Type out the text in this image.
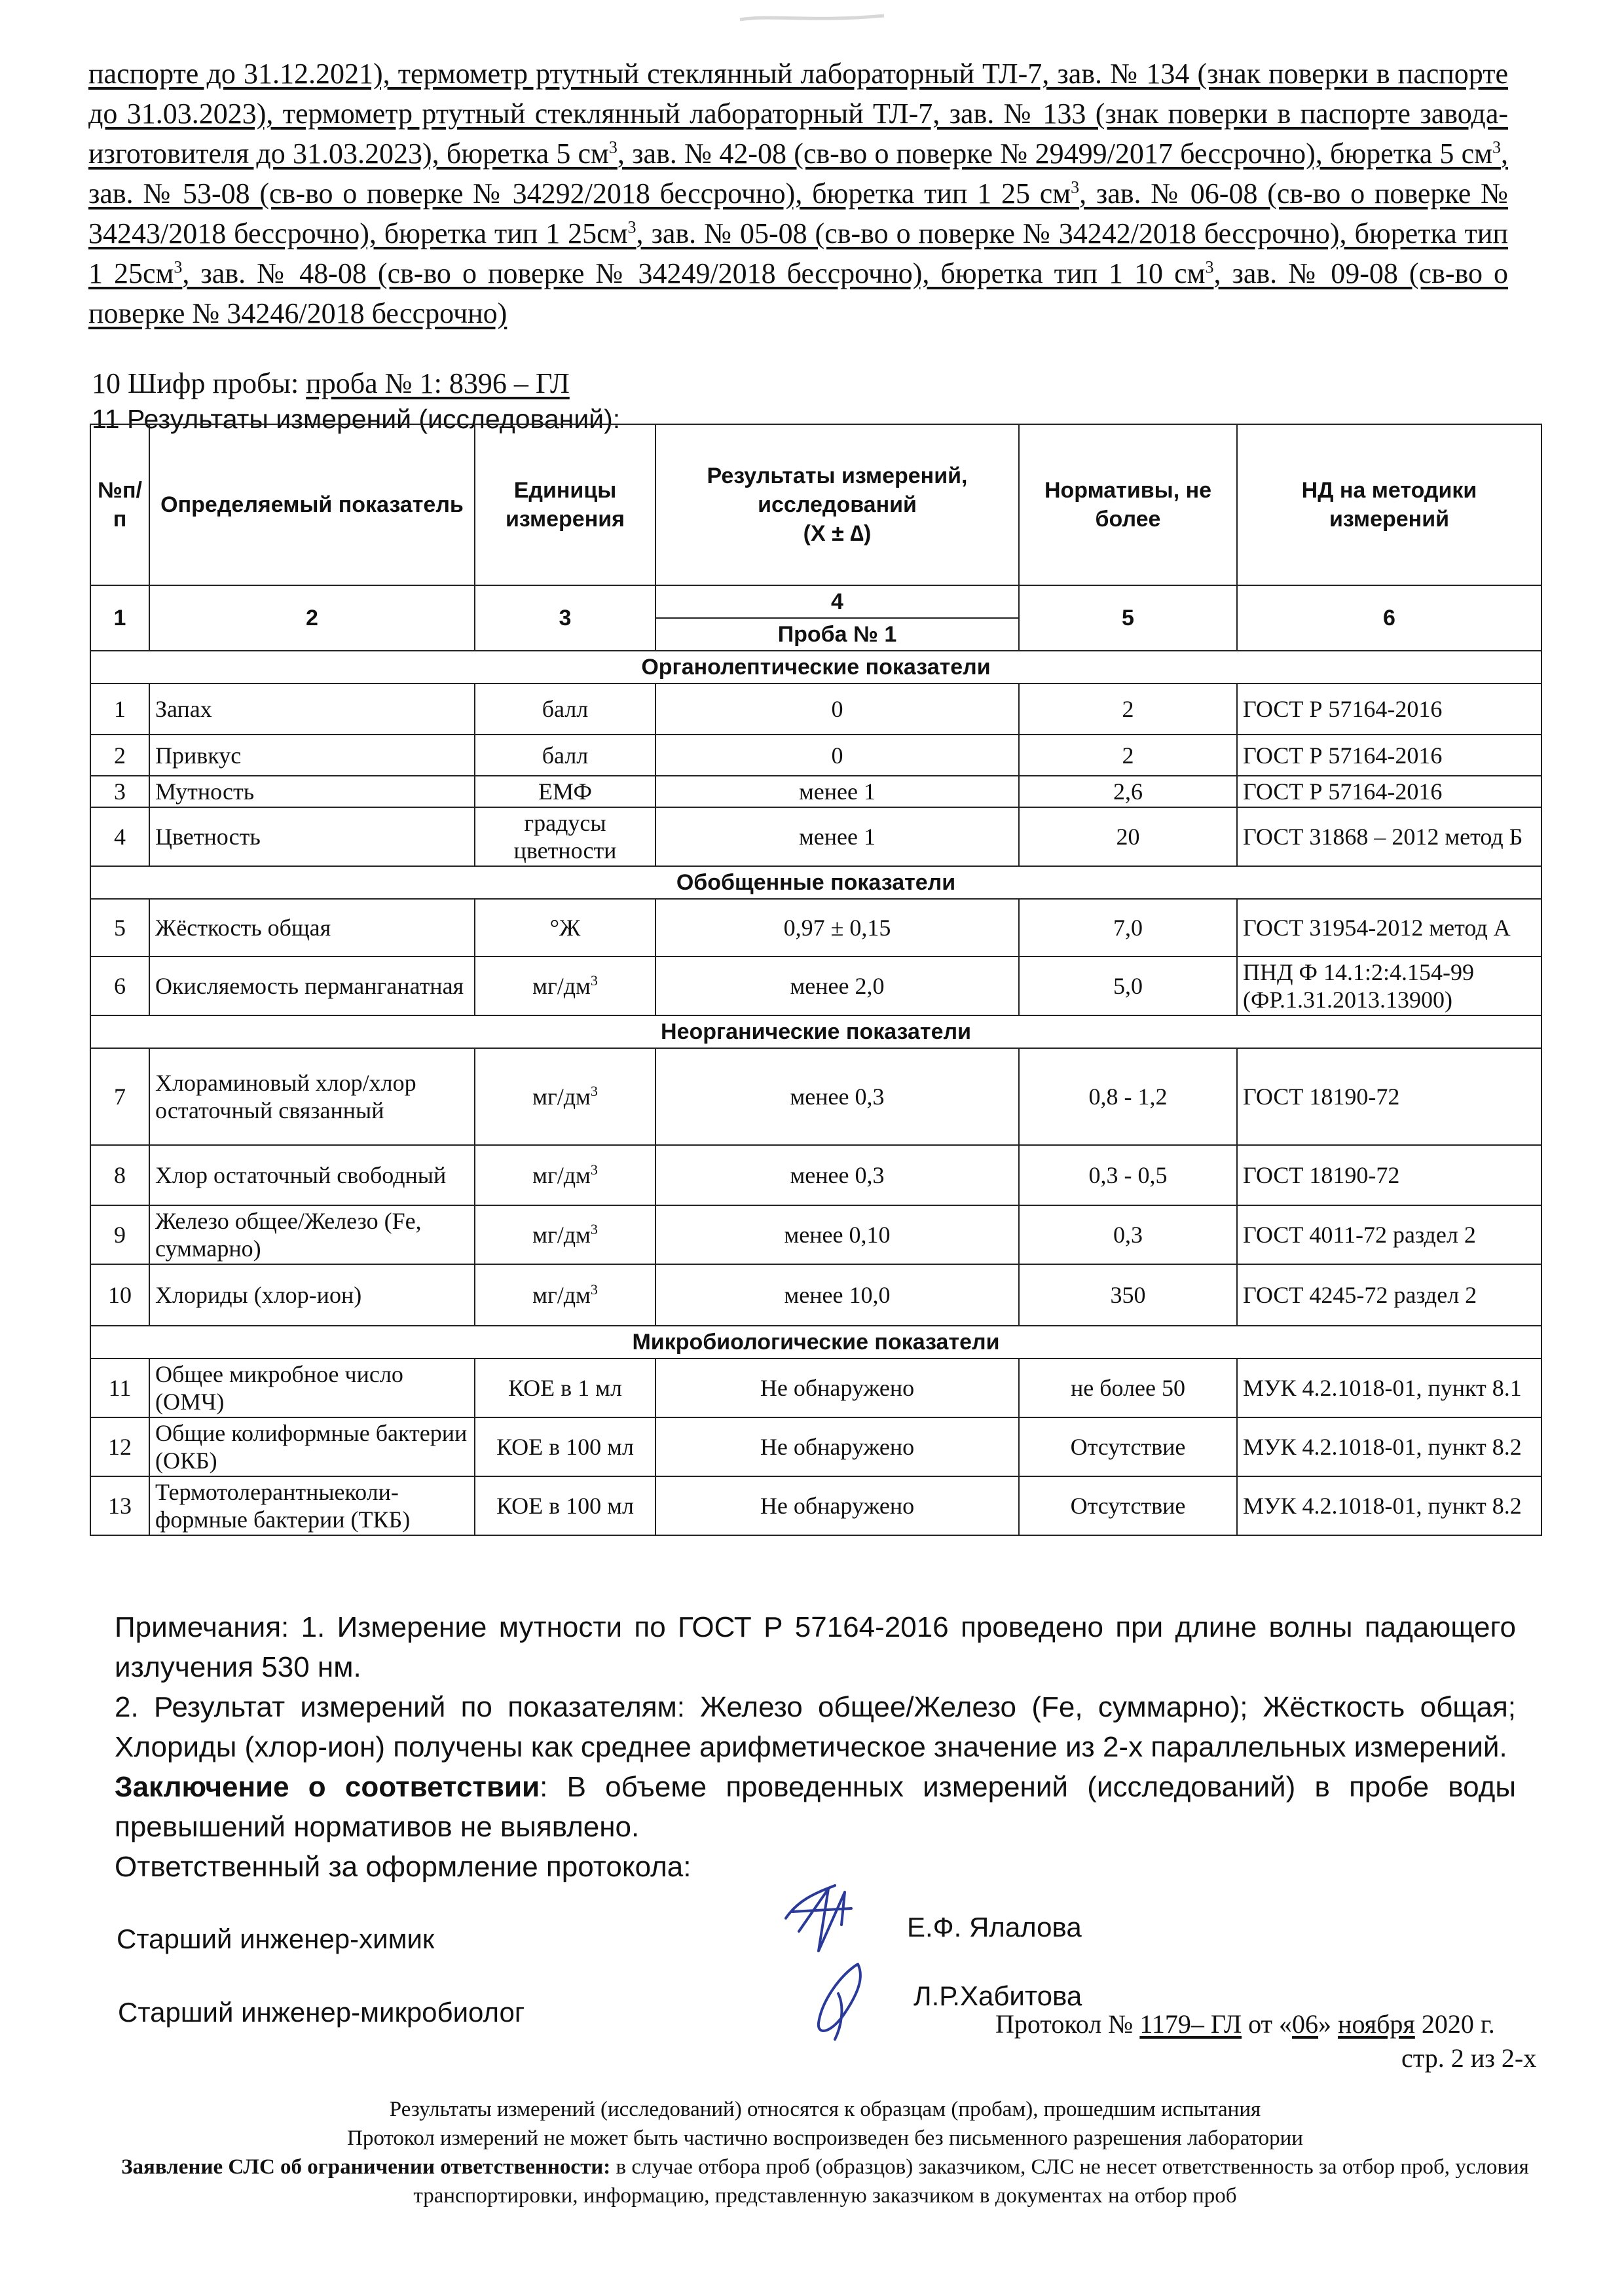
паспорте до 31.12.2021), термометр ртутный стеклянный лабораторный ТЛ-7, зав. № 134 (знак поверки в паспорте до 31.03.2023), термометр ртутный стеклянный лабораторный ТЛ-7, зав. № 133 (знак поверки в паспорте завода-изготовителя до 31.03.2023), бюретка 5 $см^3$, зав. № 42-08 (св-во о поверке № 29499/2017 бессрочно), бюретка 5 $см^3$, зав. № 53-08 (св-во о поверке № 34292/2018 бессрочно), бюретка тип 1 25 $см^3$, зав. № 06-08 (св-во о поверке № 34243/2018 бессрочно), бюретка тип 1 $25см^3$, зав. № 05-08 (св-во о поверке № 34242/2018 бессрочно), бюретка тип 1 $25см^3$, зав. № 48-08 (св-во о поверке № 34249/2018 бессрочно), бюретка тип 1 10 $см^3$, зав. № 09-08 (св-во о поверке № 34246/2018 бессрочно)
10 Шифр пробы: проба № 1: 8396 – ГЛ
11 Результаты измерений (исследований):
№п/п	Определяемый показатель	Единицы измерения	Результаты измерений, исследований
(X ± ∆)	Нормативы, не более	НД на методики измерений
1	2	3	4	5	6
			Проба № 1		
Органолептические показатели					
1	Запах	балл	0	2	ГОСТ Р 57164-2016
2	Привкус	балл	0	2	ГОСТ Р 57164-2016
3	Мутность	ЕМФ	менее 1	2,6	ГОСТ Р 57164-2016
4	Цветность	градусы цветности	менее 1	20	ГОСТ 31868 – 2012 метод Б
Обобщенные показатели					
5	Жёсткость общая	°Ж	0,97 ± 0,15	7,0	ГОСТ 31954-2012 метод А
6	Окисляемость перманганатная	$мг/дм^3$	менее 2,0	5,0	ПНД Ф 14.1:2:4.154-99 (ФР.1.31.2013.13900)
Неорганические показатели					
7	Хлораминовый хлор/хлор остаточный связанный	$мг/дм^3$	менее 0,3	0,8 - 1,2	ГОСТ 18190-72
8	Хлор остаточный свободный	$мг/дм^3$	менее 0,3	0,3 - 0,5	ГОСТ 18190-72
9	Железо общее/Железо (Fe, суммарно)	$мг/дм^3$	менее 0,10	0,3	ГОСТ 4011-72 раздел 2
10	Хлориды (хлор-ион)	$мг/дм^3$	менее 10,0	350	ГОСТ 4245-72 раздел 2
Микробиологические показатели					
11	Общее микробное число (ОМЧ)	КОЕ в 1 мл	Не обнаружено	не более 50	МУК 4.2.1018-01, пункт 8.1
12	Общие колиформные бактерии (ОКБ)	КОЕ в 100 мл	Не обнаружено	Отсутствие	МУК 4.2.1018-01, пункт 8.2
13	Термотолерантныеколи-формные бактерии (ТКБ)	КОЕ в 100 мл	Не обнаружено	Отсутствие	МУК 4.2.1018-01, пункт 8.2

Примечания: 1. Измерение мутности по ГОСТ Р 57164-2016 проведено при длине волны падающего излучения 530 нм.

2. Результат измерений по показателям: Железо общее/Железо (Fe, суммарно); Жёсткость общая; Хлориды (хлор-ион) получены как среднее арифметическое значение из 2-х параллельных измерений.

Заключение о соответствии: В объеме проведенных измерений (исследований) в пробе воды превышений нормативов не выявлено.

Ответственный за оформление протокола:

Старший инженер-химик	Е.Ф. Ялалова
Старший инженер-микробиолог
Л.Р.Хабитова
Протокол № 1179– ГЛ от «06» ноября 2020 г.
стр. 2 из 2-х

Результаты измерений (исследований) относятся к образцам (пробам), прошедшим испытания

Протокол измерений не может быть частично воспроизведен без письменного разрешения лаборатории

Заявление СЛС об ограничении ответственности: в случае отбора проб (образцов) заказчиком, СЛС не несет ответственность за отбор проб, условия транспортировки, информацию, представленную заказчиком в документах на отбор проб
